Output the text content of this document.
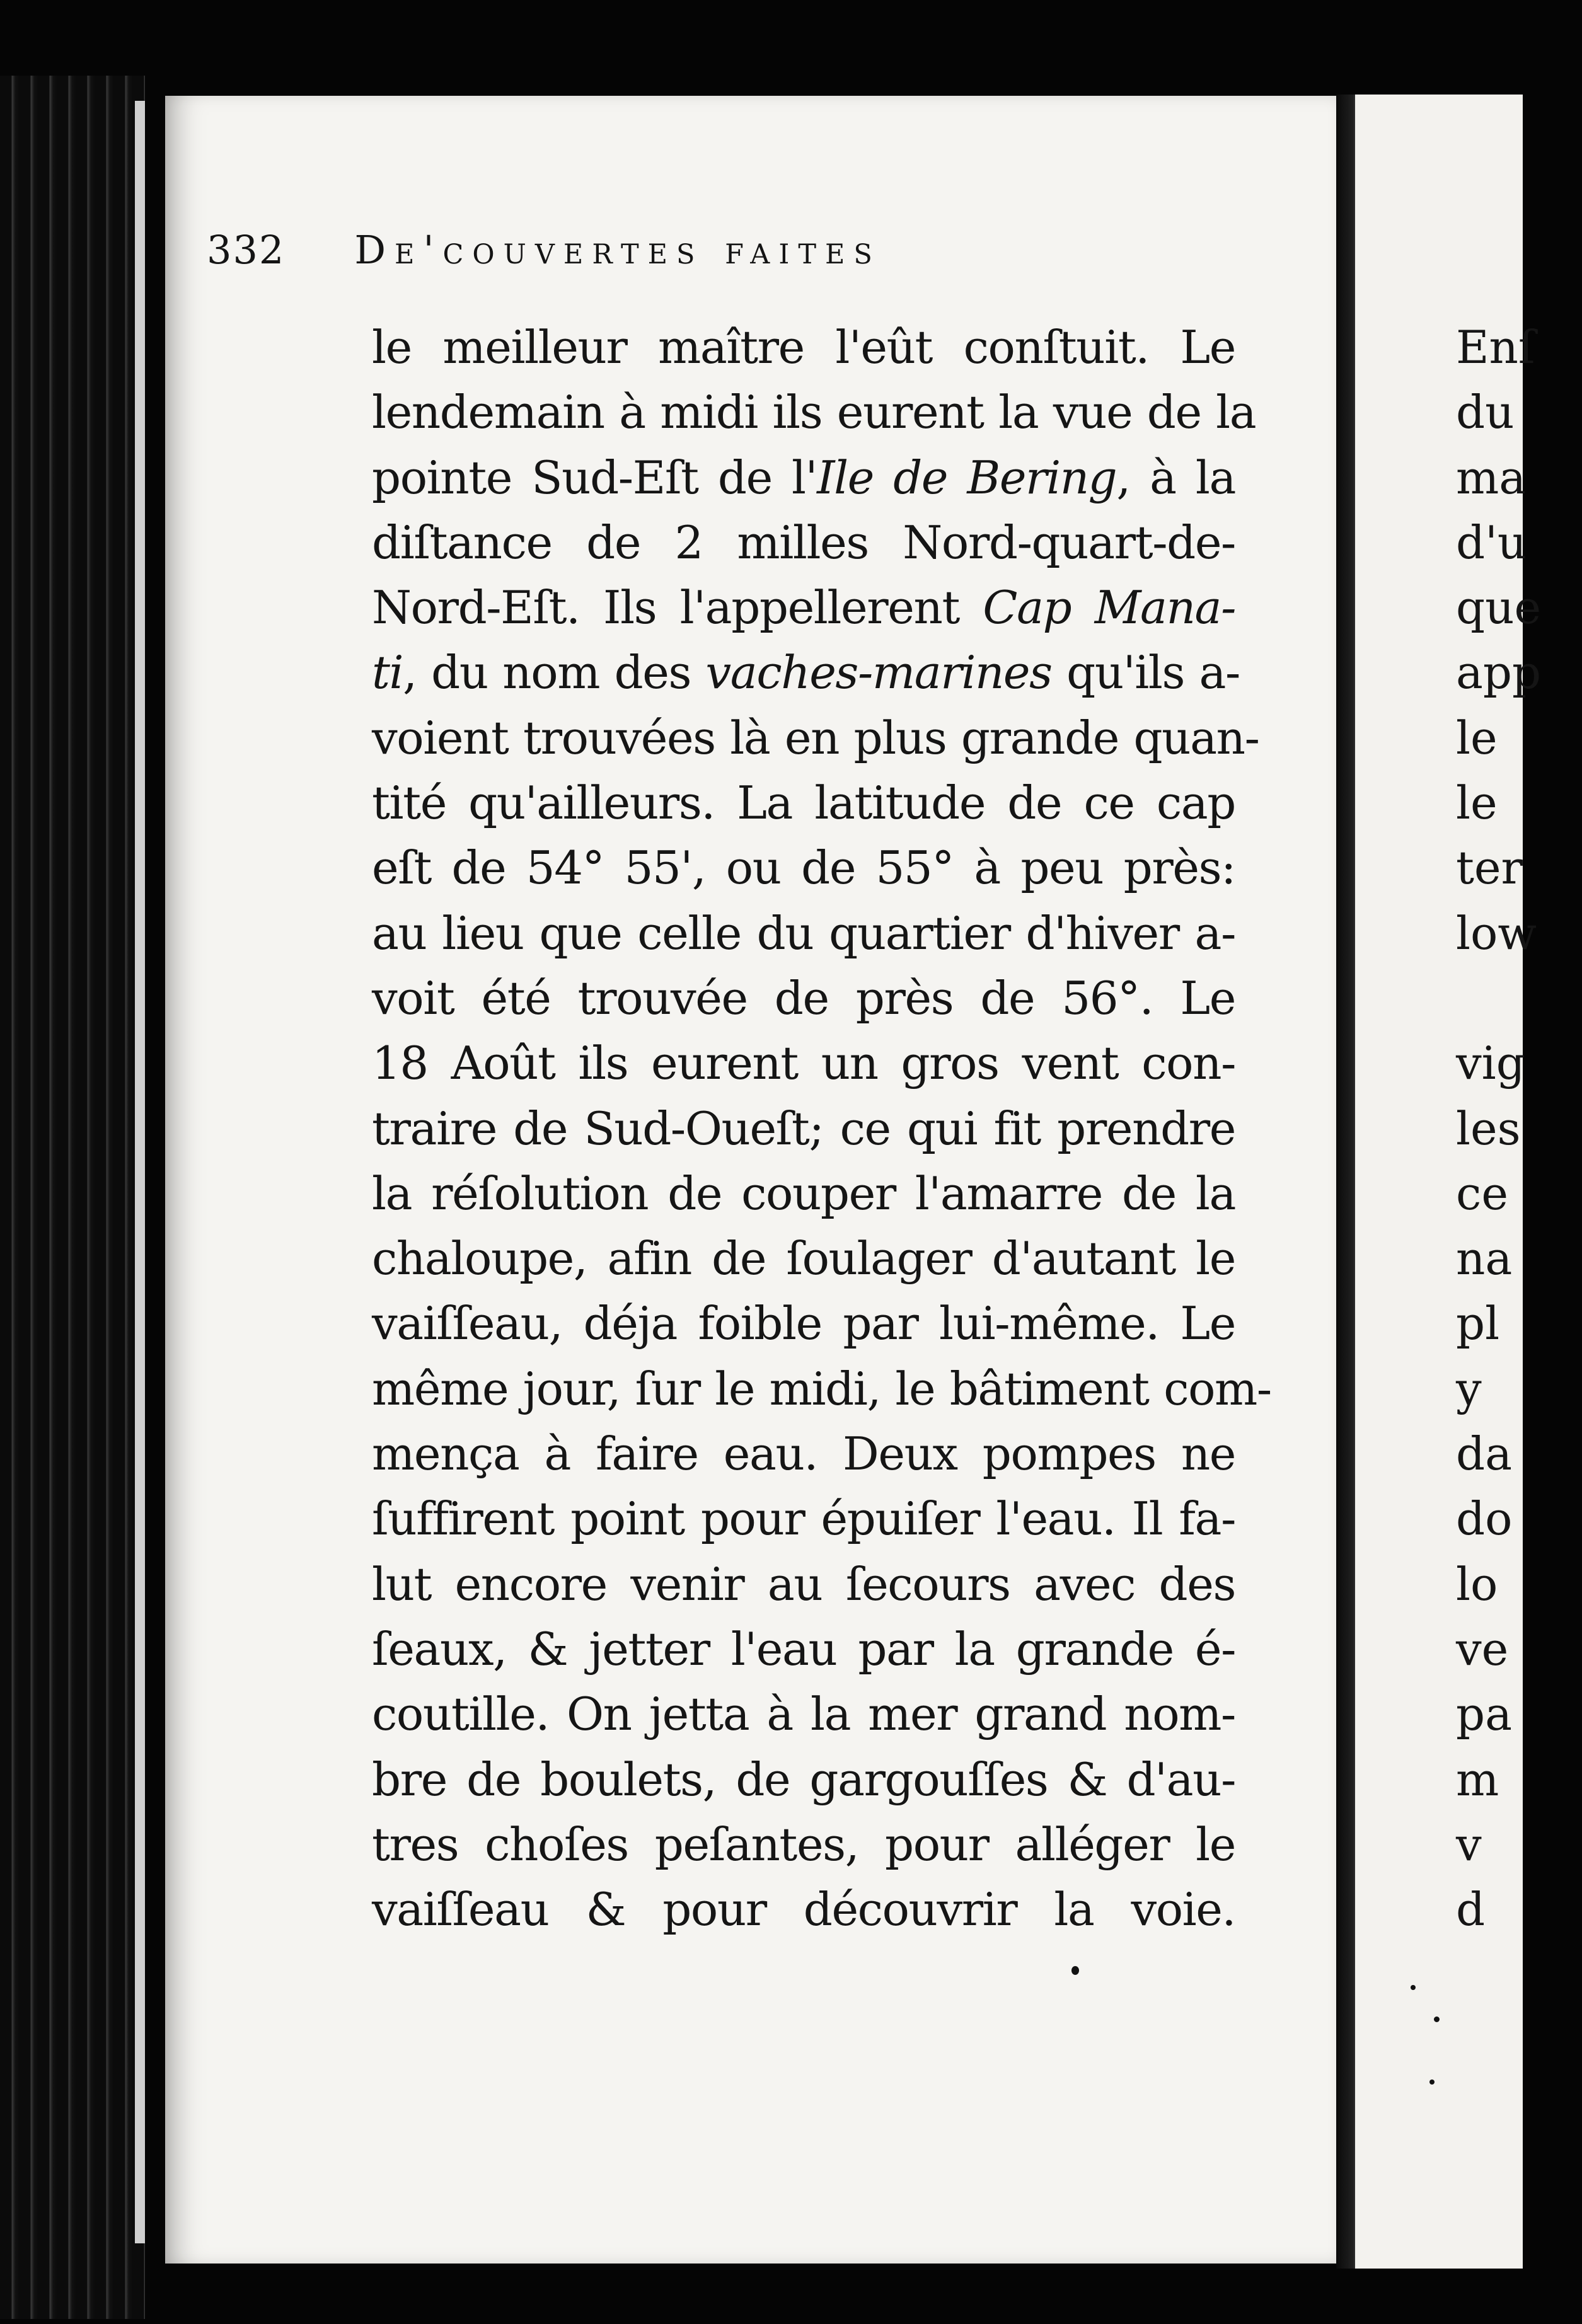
332 De'couvertes faites
le meilleur maître l'eût conſtuit. Le
lendemain à midi ils eurent la vue de la
pointe Sud-Eſt de l'Ile de Bering, à la
diſtance de 2 milles Nord-quart-de-
Nord-Eſt. Ils l'appellerent Cap Mana-
ti, du nom des vaches-marines qu'ils a-
voient trouvées là en plus grande quan-
tité qu'ailleurs. La latitude de ce cap
eſt de 54° 55', ou de 55° à peu près:
au lieu que celle du quartier d'hiver a-
voit été trouvée de près de 56°. Le
18 Août ils eurent un gros vent con-
traire de Sud-Oueſt; ce qui fit prendre
la réſolution de couper l'amarre de la
chaloupe, afin de ſoulager d'autant le
vaiſſeau, déja foible par lui-même. Le
même jour, ſur le midi, le bâtiment com-
mença à faire eau. Deux pompes ne
ſuffirent point pour épuiſer l'eau. Il fa-
lut encore venir au ſecours avec des
ſeaux, & jetter l'eau par la grande é-
coutille. On jetta à la mer grand nom-
bre de boulets, de gargouſſes & d'au-
tres choſes peſantes, pour alléger le
vaiſſeau & pour découvrir la voie.
Enſ
du
ma
d'u
que
app
le
le
ter
low
vig
les
ce
na
pl
y
da
do
lo
ve
pa
m
v
d
